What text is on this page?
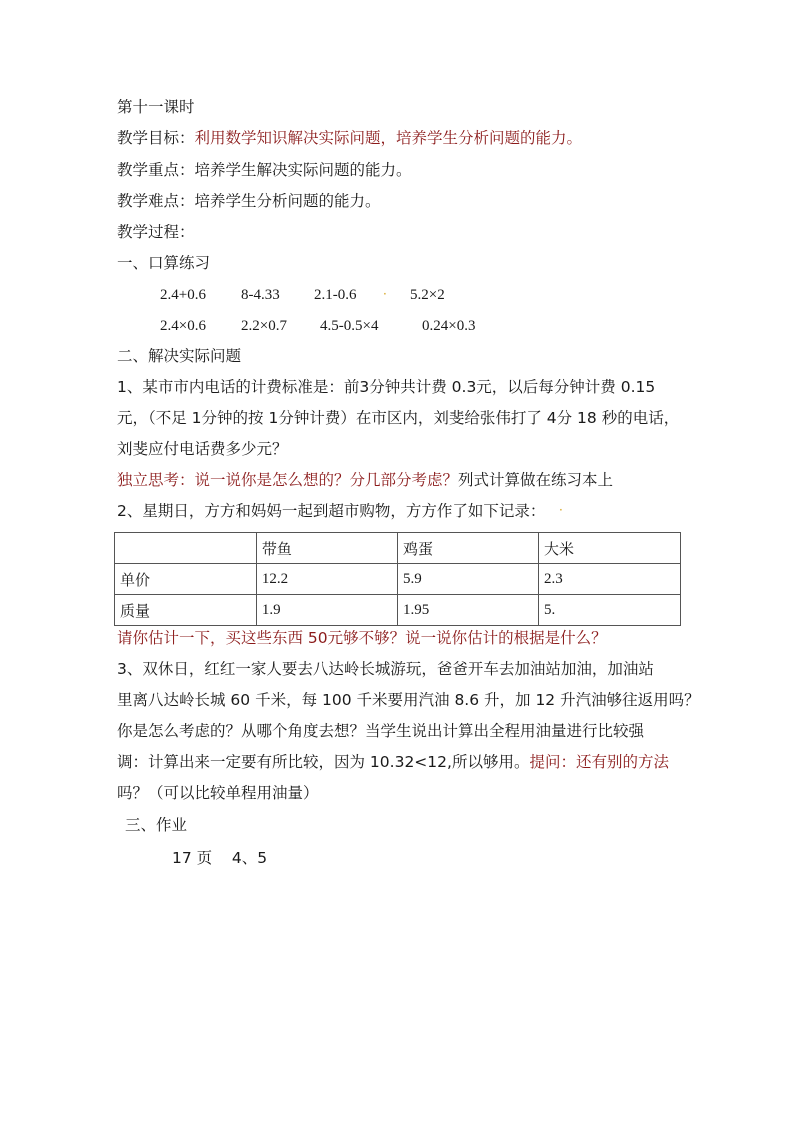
第十一课时
教学目标：利用数学知识解决实际问题，培养学生分析问题的能力。
教学重点：培养学生解决实际问题的能力。
教学难点：培养学生分析问题的能力。
教学过程：
一、口算练习
2.4+0.6 8-4.33 2.1-0.6 · 5.2×2
2.4×0.6 2.2×0.7 4.5-0.5×4	0.24×0.3
二、解决实际问题
1、某市市内电话的计费标准是：前3分钟共计费 0.3元，以后每分钟计费 0.15
元，（不足 1分钟的按 1分钟计费）在市区内，刘斐给张伟打了 4分 18 秒的电话，
刘斐应付电话费多少元？
独立思考：说一说你是怎么想的？分几部分考虑？列式计算做在练习本上
2、星期日，方方和妈妈一起到超市购物，方方作了如下记录： ·
	带鱼	鸡蛋	大米
单价	12.2	5.9	2.3
质量	1.9	1.95	5.
请你估计一下，买这些东西 50元够不够？说一说你估计的根据是什么？
3、双休日，红红一家人要去八达岭长城游玩，爸爸开车去加油站加油，加油站
里离八达岭长城 60 千米，每 100 千米要用汽油 8.6 升，加 12 升汽油够往返用吗？
你是怎么考虑的？从哪个角度去想？当学生说出计算出全程用油量进行比较强
调：计算出来一定要有所比较，因为 10.32<12,所以够用。提问：还有别的方法
吗？（可以比较单程用油量）
三、作业
17 页    4、5
